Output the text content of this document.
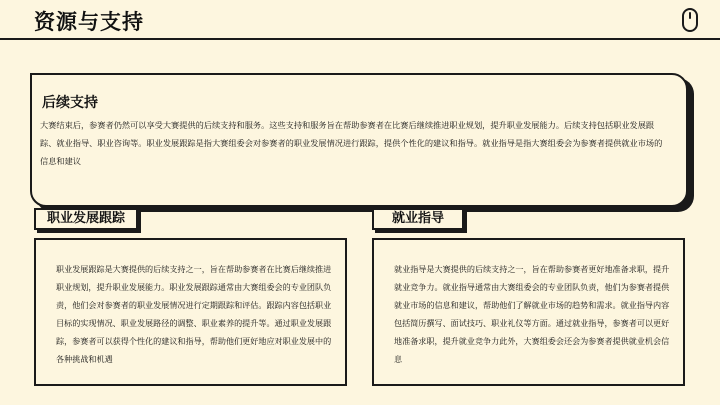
资源与支持
后续支持
大赛结束后，参赛者仍然可以享受大赛提供的后续支持和服务。这些支持和服务旨在帮助参赛者在比赛后继续推进职业规划，提升职业发展能力。后续支持包括职业发展跟踪、就业指导、职业咨询等。职业发展跟踪是指大赛组委会对参赛者的职业发展情况进行跟踪，提供个性化的建议和指导。就业指导是指大赛组委会为参赛者提供就业市场的信息和建议
职业发展跟踪	就业指导
职业发展跟踪是大赛提供的后续支持之一，旨在帮助参赛者在比赛后继续推进职业规划，提升职业发展能力。职业发展跟踪通常由大赛组委会的专业团队负责，他们会对参赛者的职业发展情况进行定期跟踪和评估。跟踪内容包括职业目标的实现情况、职业发展路径的调整、职业素养的提升等。通过职业发展跟踪，参赛者可以获得个性化的建议和指导，帮助他们更好地应对职业发展中的各种挑战和机遇
就业指导是大赛提供的后续支持之一，旨在帮助参赛者更好地准备求职，提升就业竞争力。就业指导通常由大赛组委会的专业团队负责，他们为参赛者提供就业市场的信息和建议，帮助他们了解就业市场的趋势和需求。就业指导内容包括简历撰写、面试技巧、职业礼仪等方面。通过就业指导，参赛者可以更好地准备求职，提升就业竞争力此外，大赛组委会还会为参赛者提供就业机会信息
